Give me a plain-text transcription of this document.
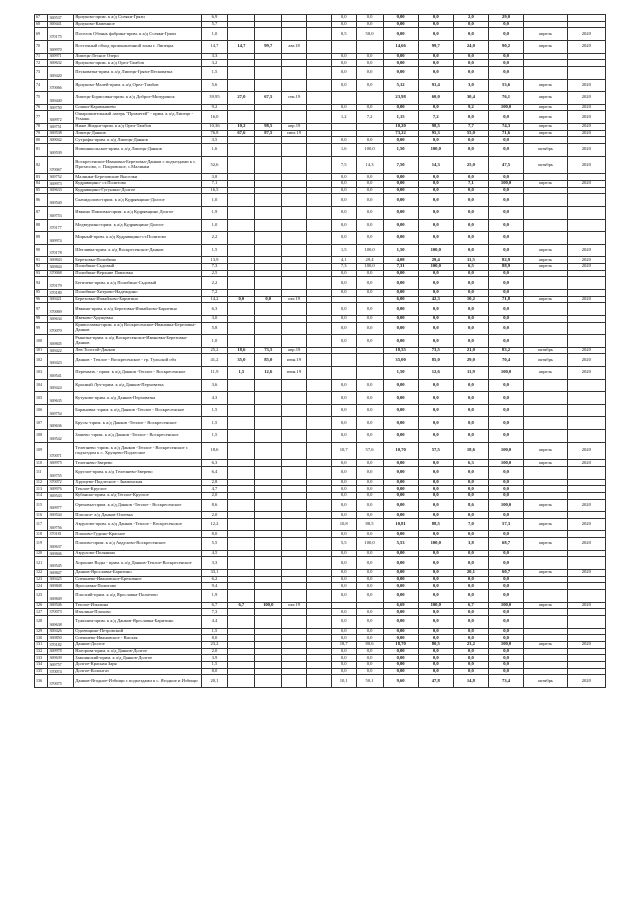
67	369537	Ярлуково-прим. к а/д Ссеяки-Грязи	6,9					0,0	0,0	0,00	0,0	2,0	29,0		
68	369441	Ярлуково-Каменное	5,7					0,0	0,0	0,00	0,0	0,0	0,0		
69	370175	Поселок Обоянь фабрика-прим. к а/д Ссеяки-Грязи	1,0					0,5	50,0	0,00	0,0	0,0	0,0	апрель	2020
70	369970	Восточный обход промышленной зоны г. Липецка	14,7	14,7	99,7	авг.18				14,66	99,7	24,0	90,2	апрель	2020
71	369971	Липецк-Лесное Озеро	3,3					0,0	0,0	0,00	0,0	0,0	0,0		
72	369632	Ярлуково-прим. к а/д Орел-Тамбов	3,2					0,0	0,0	0,00	0,0	0,0	0,0		
73	369420	Песковатка-прим. к а/д Липецк-Грязи-Песковатка	1,5					0,0	0,0	0,00	0,0	0,0	0,0		
74	370066	Ярлуково-Малей-прим. к а/д Орел-Тамбов	5,6					0,0	0,0	5,12	91,4	3,0	53,6	апрель	2020
75	369440	Липецк-Борисовка-прим. к а/д Доброе-Мичуринск	39,95	27,0	67,5	сен.19				23,98	60,0	30,4	76,1	апрель	2020
76	369750	Сошки-Карамышево	9,2					0,0	0,0	0,00	0,0	9,2	100,0	апрель	2020
77	369972	Ошарошительный лагерь "Прометей" - прим. к а/д Липецк - Усмань	16,0					1,2	7,2	1,15	7,2	0,0	0,0	апрель	2020
78	369751	Ниже Жидки-прим. к а/д Орел-Тамбов	10,36	10,2	98,5	апр.19				10,20	98,5	7,7	74,3	апрель	2020
79	369538	Липецк-Данков	76,8	67,6	87,5	июл.19				73,22	95,3	55,0	71,6	апрель	2020
80	369042	Сутрофы-прим. к а/д Липецк-Данков	3,5					0,0	0,0	0,00	0,0	0,0	0,0		
81	369539	Новоникольское-прим. к а/д Липецк-Данков	1,6					1,6	100,0	1,50	100,0	0,0	0,0	октябрь	2020
82	370067	Воскресенское-Ивановка-Березовка-Данков с подъездами к с. Протасово, с. Покровское, с.Малинки	52,6					7,5	14,3	7,50	14,3	25,0	47,5	октябрь	2020
83	369752	Малинки-Березовские Выселки	3,8					0,0	0,0	0,00	0,0	0,0	0,0		
84	369973	Кудрявщино- ст.Политово	7,1					0,0	0,0	0,00	0,0	7,1	100,0	апрель	2020
85	369633	Кудрявщино-Гугунино-Долгое	16,5					0,0	0,0	0,00	0,0	0,0	0,0		
86	369540	Скачидолово-прим. к а/д Кудрявщино-Долгое	1,0					0,0	0,0	0,00	0,0	0,0	0,0		
87	369753	Ивкино Павловка-прим. к а/д Кудрявщино Долгое	1,9					0,0	0,0	0,00	0,0	0,0	0,0		
88	370177	Медведчино-прим. к а/д Кудрявщино-Долгое	1,0					0,0	0,0	0,00	0,0	0,0	0,0		
89	369974	Мирный-прим. к а/д Кудрявщино-ст.Политово	2,2					0,0	0,0	0,00	0,0	0,0	0,0		
90	370178	Шеглявка-прим. к а/д Воскресенское-Данков	1,5					1,5	100,0	1,50	100,0	0,0	0,0	апрель	2020
91	369843	Березовка-Полибино	13,9					4,1	29,4	4,08	29,4	11,5	82,9	апрель	2020
92	369844	Полибино-Сьдовый	7,3					7,3	100,0	7,31	100,0	6,5	88,9	апрель	2020
93	370068	Полибино-Верхние Павловка	2,5					0,0	0,0	0,00	0,0	0,0	0,0		
94	370179	Бегичево-прим. к а/д Полибино-Сьдовый	2,2					0,0	0,0	0,00	0,0	0,0	0,0		
95	370180	Полибино-Хитрово-Надеждино	7,2					0,0	0,0	0,00	0,0	0,0	0,0		
96	369421	Березовка-Измайлово-Баритино	14,2	0,0	0,0	окт.19				6,00	42,3	10,2	71,8	апрель	2020
97	370069	Ивкино-прим. к а/д Березовка-Измайлово-Баритино	6,3					0,0	0,0	0,00	0,0	0,0	0,0		
98	369634	Ивеково-Хрущевка	3,0					0,0	0,0	0,00	0,0	0,0	0,0		
99	370070	Кривоглавка-прим. к а/д Воскресенское-Ивановка-Березовка-Данков	5,8					0,0	0,0	0,00	0,0	0,0	0,0		
100	369845	Рыкотка-прим. к а/д Воскресенское-Ивановка-Березовка-Данков	1,0					0,0	0,0	0,00	0,0	0,0	0,0		
101	369422	Лев Толстой-Данков	25,2	18,6	73,5	апр.19				18,55	73,5	21,0	83,2	октябрь	2020
102	369423	Данков - Теплое - Воскресенское - гр. Тульской обл	41,2	35,0	85,0	июн.19				35,00	85,0	29,0	70,4	октябрь	2020
103	369541	Перехвать - прим. к а/д Данков -Теплое - Воскресенское	11,9	1,5	12,6	июн.19				1,50	12,6	11,9	100,0	апрель	2020
104	369424	Красный Луч-прим. к а/д Данков-Перховатка	3,6					0,0	0,0	0,00	0,0	0,0	0,0		
105	369635	Кутуково-прим. к а/д Данков-Перховатка	4,3					0,0	0,0	0,00	0,0	0,0	0,0		
106	369754	Барановка -прим. к а/д Данков -Теплое - Воскресенское	1,5					0,0	0,0	0,00	0,0	0,0	0,0		
107	369636	Брусы -прим. к а/д Данков -Теплое - Воскресенское	1,5					0,0	0,0	0,00	0,0	0,0	0,0		
108	369542	Зашево -прим. к а/д Данков -Теплое - Воскресенское	1,5					0,0	0,0	0,00	0,0	0,0	0,0		
109	370071	Телепнево -прим. к а/д Данков -Теплое - Воскресенское с подъездом к с. Хрущево-Подлесное	18,6					10,7	57,6	10,70	57,5	18,6	100,0	апрель	2020
110	369975	Телепнево-Зверево	6,3					0,0	0,0	0,00	0,0	6,3	100,0	апрель	2020
111	369755	Круглое-прим. к а/д Телепнево-Зверево	6,4					0,0	0,0	0,00	0,0	0,0	0,0		
112	370072	Хрущево-Подлесное - Знаменская	2,8					0,0	0,0	0,00	0,0	0,0	0,0		
113	369976	Теплое-Круглое	4,7					0,0	0,0	0,00	0,0	0,0	0,0		
114	369543	Кубанско-прим. к а/д Теплое-Круглое	2,0					0,0	0,0	0,00	0,0	0,0	0,0		
115	369977	Ореховка-прим. к а/д Данков -Теплое - Воскресенское	8,6					0,0	0,0	0,00	0,0	8,6	100,0	апрель	2020
116	369544	Плоское- а/д Данков-Озоевка	2,0					0,0	0,0	0,00	0,0	0,0	0,0		
117	369756	Авдулово-прим. к а/д Данков -Теплое - Воскресенское	12,2					10,8	88,5	10,81	88,5	7,0	57,3	апрель	2020
118	370181	Плахово-Гудино-Красное	8,0					0,0	0,0	0,00	0,0	0,0	0,0		
119	369637	Плахово-прим. к а/д Авдулово-Воскресенское	5,5					5,5	100,0	5,53	100,0	3,8	68,7	апрель	2020
120	369846	Авдулово-Полянино	4,5					0,0	0,0	0,00	0,0	0,0	0,0		
121	369545	Хорошие Воды - прим. к а/д Данков-Теплое-Воскресенское	3,3					0,0	0,0	0,00	0,0	0,0	0,0		
122	369847	Данков-Ярославка-Баритино	33,1					0,0	0,0	0,00	0,0	20,1	60,7	апрель	2020
123	369425	Спешнево-Ивановское-Бреховное	6,2					0,0	0,0	0,00	0,0	0,0	0,0		
124	369848	Ярославка-Политово	9,4					0,0	0,0	0,00	0,0	0,0	0,0		
125	369849	Плоский-прим. к а/д Ярославка-Политово	1,9					0,0	0,0	0,00	0,0	0,0	0,0		
126	369546	Теплое-Изылина	6,7	6,7	100,0	окт.19				6,69	100,0	6,7	100,0	апрель	2020
127	370073	Изылина-Плахово	7,3					0,0	0,0	0,00	0,0	0,0	0,0		
128	369638	Тужилин-прим. к а/д Данков-Ярославка-Баритино	4,4					0,0	0,0	0,00	0,0	0,0	0,0		
129	369426	Одоевщино-Петровский	1,5					0,0	0,0	0,00	0,0	0,0	0,0		
130	369850	Спешнево-Ивановское - Вислая	8,0					0,0	0,0	0,00	0,0	0,0	0,0		
131	370182	Данков-Долгое	23,2					18,7	80,6	18,70	80,5	23,2	100,0	апрель	2020
132	369978	Нагорова-прим. к а/д Данков-Долгое	2,0					0,0	0,0	0,00	0,0	0,0	0,0		
133	369639	Замоянский-прим. к а/д Данков-Долгое	3,9					0,0	0,0	0,00	0,0	0,0	0,0		
134	369757	Долгое-Красная Заря	1,5					0,0	0,0	0,00	0,0	0,0	0,0		
135	370074	Долгое-Колонтаз	8,0					0,0	0,0	0,00	0,0	0,0	0,0		
136	370075	Данков-Ягодное-Избищи с подъездами к с. Ягодное и Избищи	20,1					10,1	50,1	9,60	47,8	14,8	73,4	октябрь	2020
